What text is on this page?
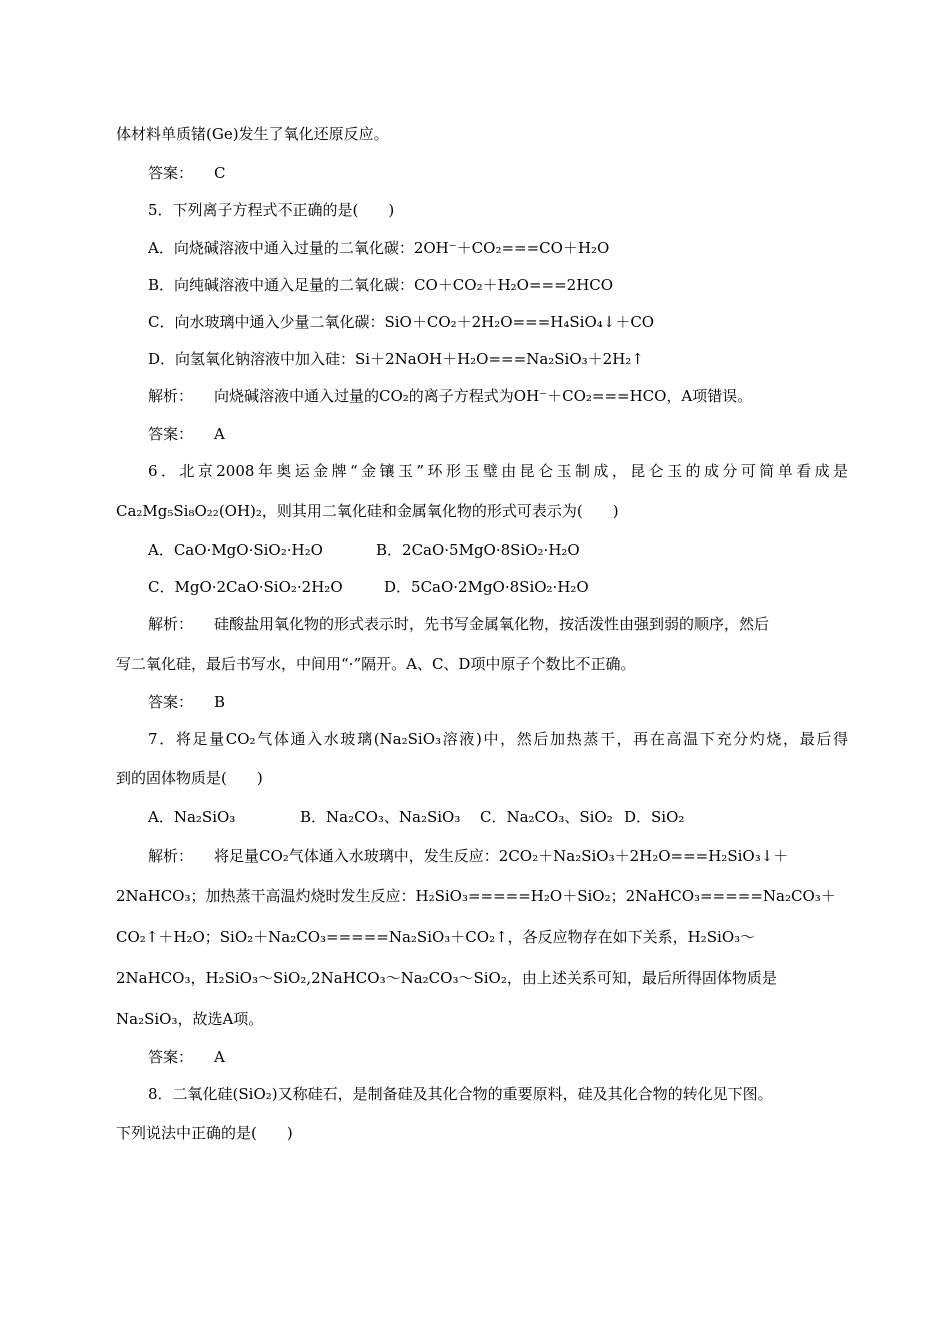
体材料单质锗(Ge)发生了氧化还原反应。
答案： C
5．下列离子方程式不正确的是(　　)
A．向烧碱溶液中通入过量的二氧化碳：2OH⁻＋CO₂===CO＋H₂O
B．向纯碱溶液中通入足量的二氧化碳：CO＋CO₂＋H₂O===2HCO
C．向水玻璃中通入少量二氧化碳：SiO＋CO₂＋2H₂O===H₄SiO₄↓＋CO
D．向氢氧化钠溶液中加入硅：Si＋2NaOH＋H₂O===Na₂SiO₃＋2H₂↑
解析： 向烧碱溶液中通入过量的CO₂的离子方程式为OH⁻＋CO₂===HCO，A项错误。
答案： A
6．北京2008年奥运金牌“金镶玉”环形玉璧由昆仑玉制成，昆仑玉的成分可简单看成是
Ca₂Mg₅Si₈O₂₂(OH)₂，则其用二氧化硅和金属氧化物的形式可表示为(　　)
A．CaO·MgO·SiO₂·H₂O	B．2CaO·5MgO·8SiO₂·H₂O
C．MgO·2CaO·SiO₂·2H₂O	D．5CaO·2MgO·8SiO₂·H₂O
解析： 硅酸盐用氧化物的形式表示时，先书写金属氧化物，按活泼性由强到弱的顺序，然后
写二氧化硅，最后书写水，中间用“·”隔开。A、C、D项中原子个数比不正确。
答案： B
7．将足量CO₂气体通入水玻璃(Na₂SiO₃溶液)中，然后加热蒸干，再在高温下充分灼烧，最后得
到的固体物质是(　　)
A．Na₂SiO₃	B．Na₂CO₃、Na₂SiO₃ C．Na₂CO₃、SiO₂ D．SiO₂
解析： 将足量CO₂气体通入水玻璃中，发生反应：2CO₂＋Na₂SiO₃＋2H₂O===H₂SiO₃↓＋
2NaHCO₃；加热蒸干高温灼烧时发生反应：H₂SiO₃=====H₂O＋SiO₂；2NaHCO₃=====Na₂CO₃＋
CO₂↑＋H₂O；SiO₂＋Na₂CO₃=====Na₂SiO₃＋CO₂↑，各反应物存在如下关系，H₂SiO₃～
2NaHCO₃，H₂SiO₃～SiO₂,2NaHCO₃～Na₂CO₃～SiO₂，由上述关系可知，最后所得固体物质是
Na₂SiO₃，故选A项。
答案： A
8．二氧化硅(SiO₂)又称硅石，是制备硅及其化合物的重要原料，硅及其化合物的转化见下图。
下列说法中正确的是(　　)
